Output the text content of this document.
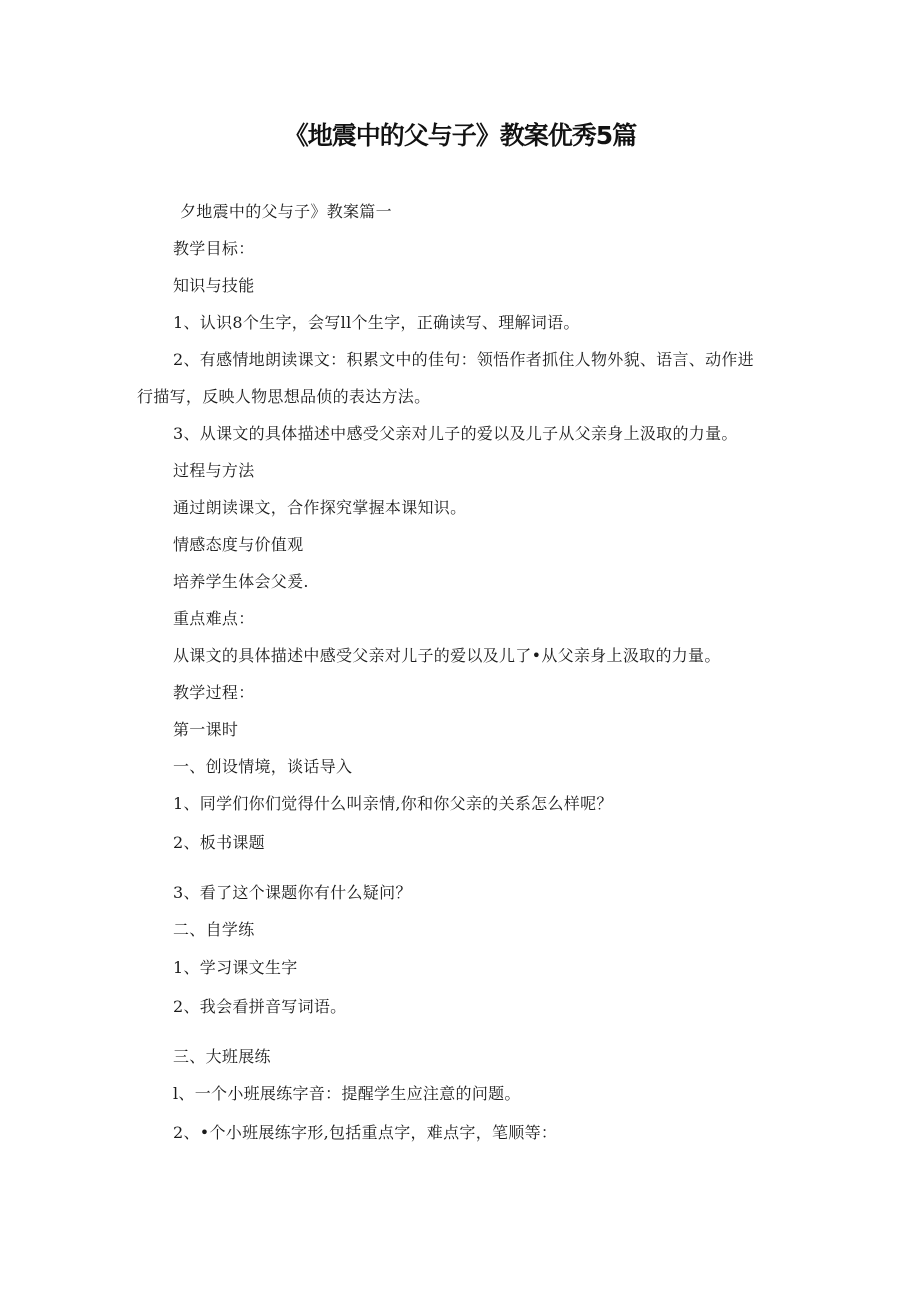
《地震中的父与子》教案优秀5篇
夕地震中的父与子》教案篇一
教学目标：
知识与技能
1、认识8个生字，会写ll个生字，正确读写、理解词语。
2、有感情地朗读课文：积累文中的佳句：领悟作者抓住人物外貌、语言、动作进
行描写，反映人物思想品侦的表达方法。
3、从课文的具体描述中感受父亲对儿子的爱以及儿子从父亲身上汲取的力量。
过程与方法
通过朗读课文，合作探究掌握本课知识。
情感态度与价值观
培养学生体会父爰.
重点难点：
从课文的具体描述中感受父亲对儿子的爱以及儿了•从父亲身上汲取的力量。
教学过程：
第一课时
一、创设情境，谈话导入
1、同学们你们觉得什么叫亲情,你和你父亲的关系怎么样呢？
2、板书课题
3、看了这个课题你有什么疑问？
二、自学练
1、学习课文生字
2、我会看拼音写词语。
三、大班展练
l、一个小班展练字音：提醒学生应注意的问题。
2、•个小班展练字形,包括重点字，难点字，笔顺等：
